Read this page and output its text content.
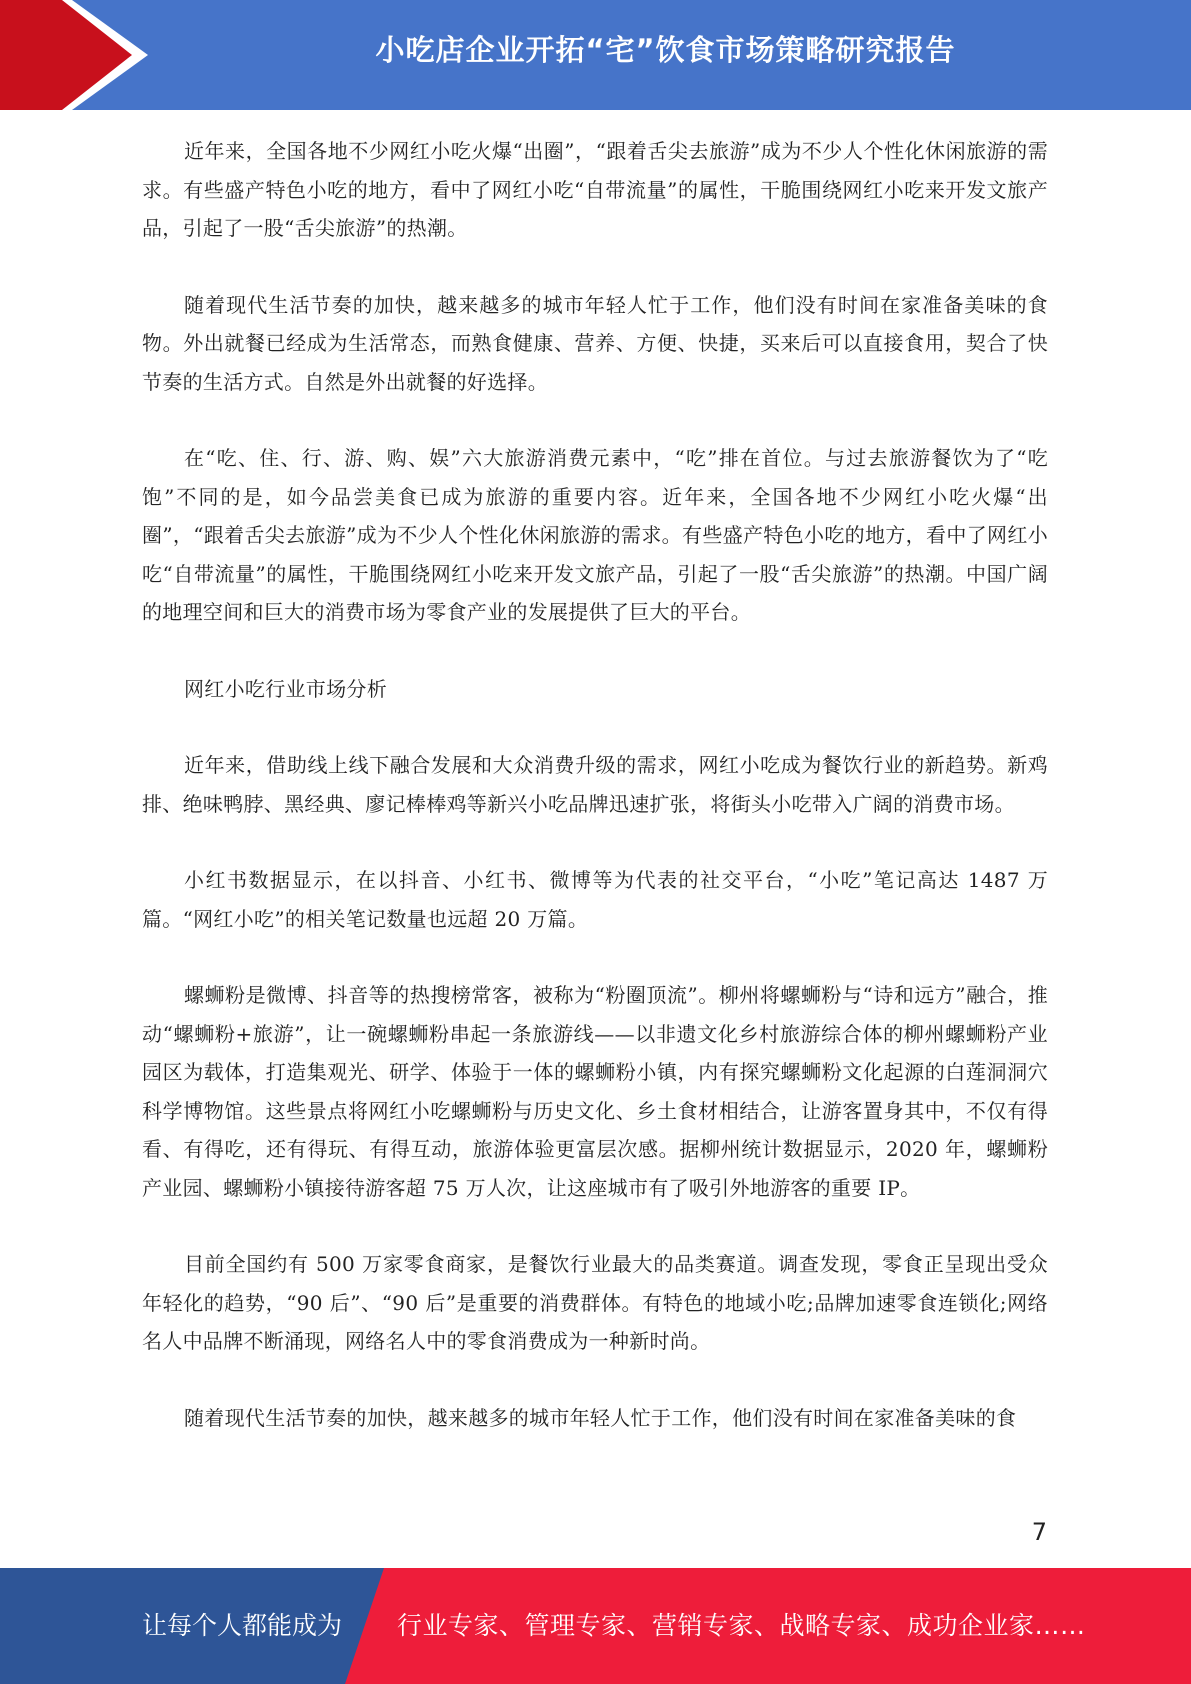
小吃店企业开拓“宅”饮食市场策略研究报告

近年来，全国各地不少网红小吃火爆“出圈”，“跟着舌尖去旅游”成为不少人个性化休闲旅游的需求。有些盛产特色小吃的地方，看中了网红小吃“自带流量”的属性，干脆围绕网红小吃来开发文旅产品，引起了一股“舌尖旅游”的热潮。

随着现代生活节奏的加快，越来越多的城市年轻人忙于工作，他们没有时间在家准备美味的食物。外出就餐已经成为生活常态，而熟食健康、营养、方便、快捷，买来后可以直接食用，契合了快节奏的生活方式。自然是外出就餐的好选择。

在“吃、住、行、游、购、娱”六大旅游消费元素中，“吃”排在首位。与过去旅游餐饮为了“吃饱”不同的是，如今品尝美食已成为旅游的重要内容。近年来，全国各地不少网红小吃火爆“出圈”，“跟着舌尖去旅游”成为不少人个性化休闲旅游的需求。有些盛产特色小吃的地方，看中了网红小吃“自带流量”的属性，干脆围绕网红小吃来开发文旅产品，引起了一股“舌尖旅游”的热潮。中国广阔的地理空间和巨大的消费市场为零食产业的发展提供了巨大的平台。

网红小吃行业市场分析

近年来，借助线上线下融合发展和大众消费升级的需求，网红小吃成为餐饮行业的新趋势。新鸡排、绝味鸭脖、黑经典、廖记棒棒鸡等新兴小吃品牌迅速扩张，将街头小吃带入广阔的消费市场。

小红书数据显示，在以抖音、小红书、微博等为代表的社交平台，“小吃”笔记高达 1487 万篇。“网红小吃”的相关笔记数量也远超 20 万篇。

螺蛳粉是微博、抖音等的热搜榜常客，被称为“粉圈顶流”。柳州将螺蛳粉与“诗和远方”融合，推动“螺蛳粉+旅游”，让一碗螺蛳粉串起一条旅游线——以非遗文化乡村旅游综合体的柳州螺蛳粉产业园区为载体，打造集观光、研学、体验于一体的螺蛳粉小镇，内有探究螺蛳粉文化起源的白莲洞洞穴科学博物馆。这些景点将网红小吃螺蛳粉与历史文化、乡土食材相结合，让游客置身其中，不仅有得看、有得吃，还有得玩、有得互动，旅游体验更富层次感。据柳州统计数据显示，2020 年，螺蛳粉产业园、螺蛳粉小镇接待游客超 75 万人次，让这座城市有了吸引外地游客的重要 IP。

目前全国约有 500 万家零食商家，是餐饮行业最大的品类赛道。调查发现，零食正呈现出受众年轻化的趋势，“90 后”、“90 后”是重要的消费群体。有特色的地域小吃;品牌加速零食连锁化;网络名人中品牌不断涌现，网络名人中的零食消费成为一种新时尚。

随着现代生活节奏的加快，越来越多的城市年轻人忙于工作，他们没有时间在家准备美味的食

7
让每个人都能成为 行业专家、管理专家、营销专家、战略专家、成功企业家……
